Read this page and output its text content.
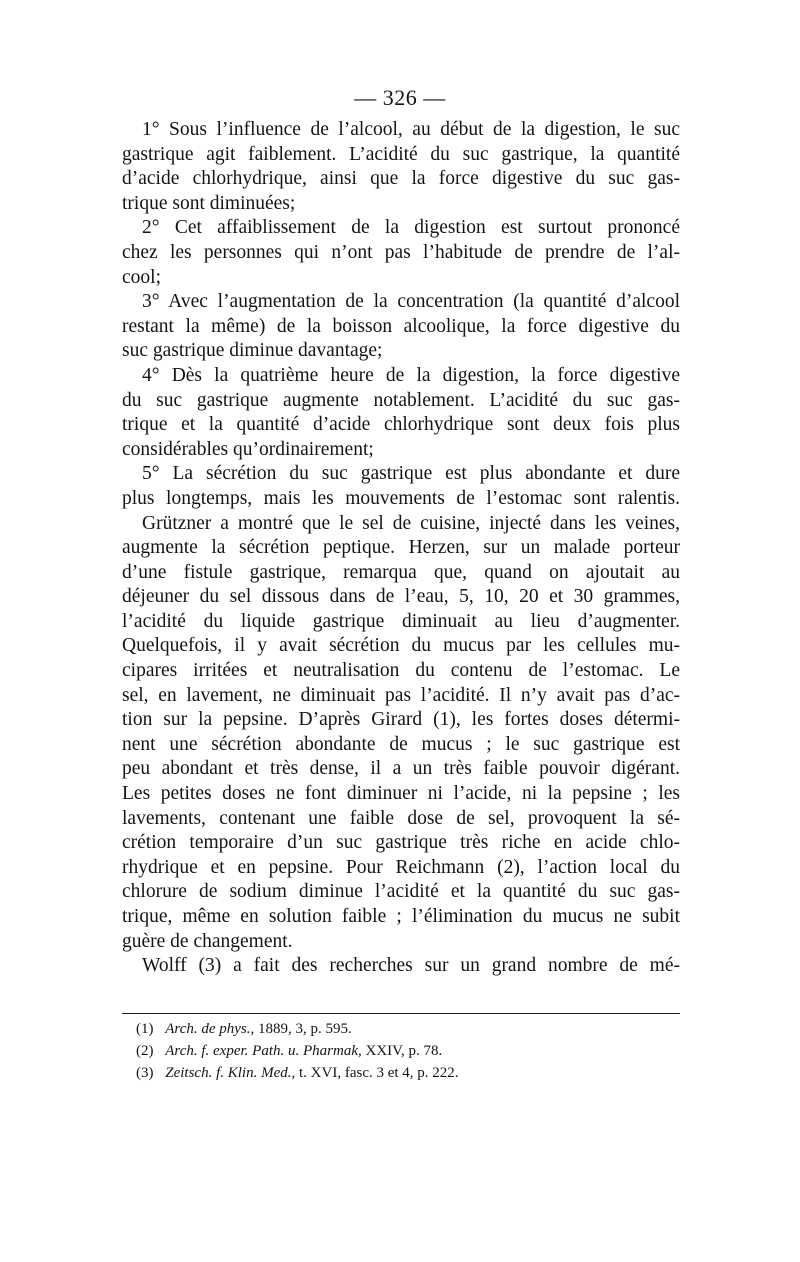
— 326 —
1° Sous l’influence de l’alcool, au début de la digestion, le suc
gastrique agit faiblement. L’acidité du suc gastrique, la quantité
d’acide chlorhydrique, ainsi que la force digestive du suc gas-
trique sont diminuées;
2° Cet affaiblissement de la digestion est surtout prononcé
chez les personnes qui n’ont pas l’habitude de prendre de l’al-
cool;
3° Avec l’augmentation de la concentration (la quantité d’alcool
restant la même) de la boisson alcoolique, la force digestive du
suc gastrique diminue davantage;
4° Dès la quatrième heure de la digestion, la force digestive
du suc gastrique augmente notablement. L’acidité du suc gas-
trique et la quantité d’acide chlorhydrique sont deux fois plus
considérables qu’ordinairement;
5° La sécrétion du suc gastrique est plus abondante et dure
plus longtemps, mais les mouvements de l’estomac sont ralentis.
Grützner a montré que le sel de cuisine, injecté dans les veines,
augmente la sécrétion peptique. Herzen, sur un malade porteur
d’une fistule gastrique, remarqua que, quand on ajoutait au
déjeuner du sel dissous dans de l’eau, 5, 10, 20 et 30 grammes,
l’acidité du liquide gastrique diminuait au lieu d’augmenter.
Quelquefois, il y avait sécrétion du mucus par les cellules mu-
cipares irritées et neutralisation du contenu de l’estomac. Le
sel, en lavement, ne diminuait pas l’acidité. Il n’y avait pas d’ac-
tion sur la pepsine. D’après Girard (1), les fortes doses détermi-
nent une sécrétion abondante de mucus ; le suc gastrique est
peu abondant et très dense, il a un très faible pouvoir digérant.
Les petites doses ne font diminuer ni l’acide, ni la pepsine ; les
lavements, contenant une faible dose de sel, provoquent la sé-
crétion temporaire d’un suc gastrique très riche en acide chlo-
rhydrique et en pepsine. Pour Reichmann (2), l’action local du
chlorure de sodium diminue l’acidité et la quantité du suc gas-
trique, même en solution faible ; l’élimination du mucus ne subit
guère de changement.
Wolff (3) a fait des recherches sur un grand nombre de mé-
(1) Arch. de phys., 1889, 3, p. 595.
(2) Arch. f. exper. Path. u. Pharmak, XXIV, p. 78.
(3) Zeitsch. f. Klin. Med., t. XVI, fasc. 3 et 4, p. 222.
